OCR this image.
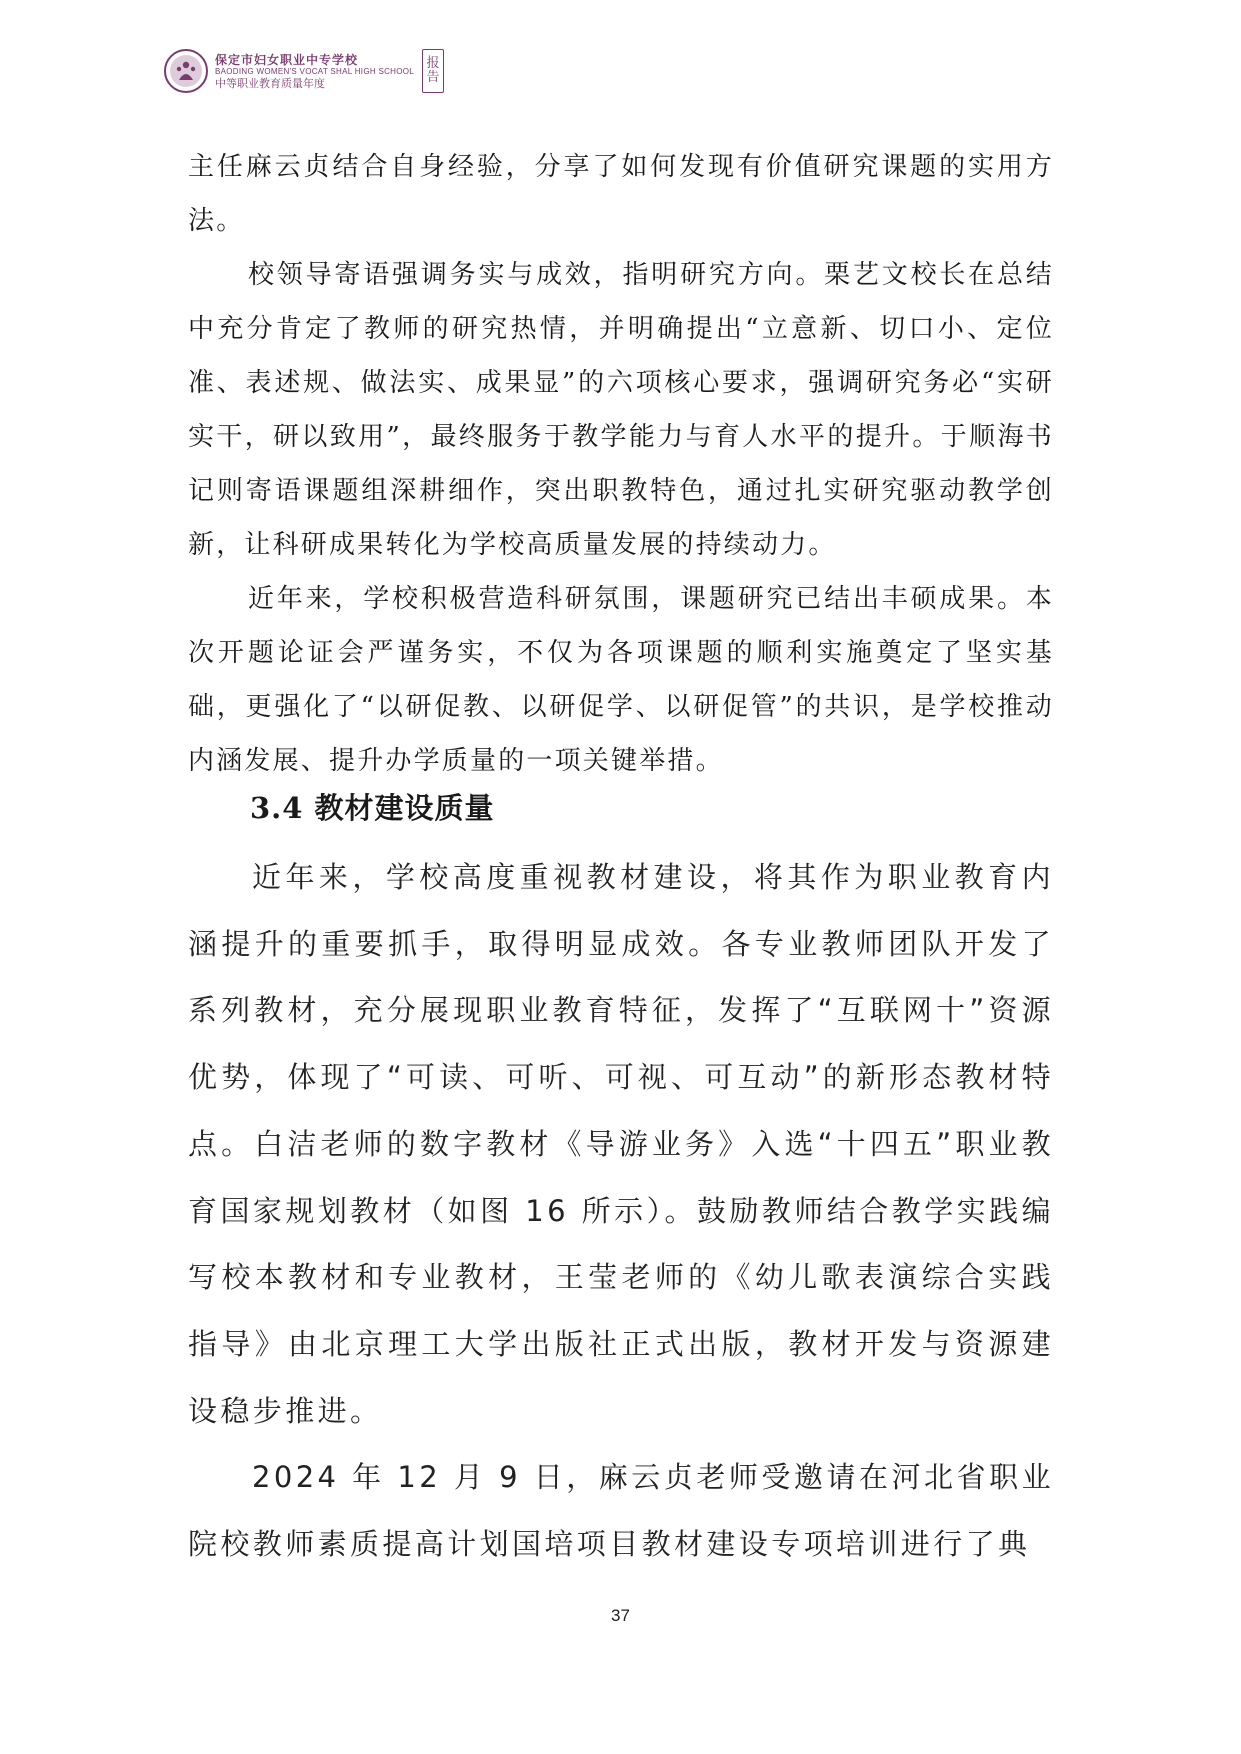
保定市妇女职业中专学校
BAODING WOMEN'S VOCAT SHAL HIGH SCHOOL
中等职业教育质量年度
报
告

主任麻云贞结合自身经验，分享了如何发现有价值研究课题的实用方法。

校领导寄语强调务实与成效，指明研究方向。栗艺文校长在总结中充分肯定了教师的研究热情，并明确提出“立意新、切口小、定位准、表述规、做法实、成果显”的六项核心要求，强调研究务必“实研实干，研以致用”，最终服务于教学能力与育人水平的提升。于顺海书记则寄语课题组深耕细作，突出职教特色，通过扎实研究驱动教学创新，让科研成果转化为学校高质量发展的持续动力。

近年来，学校积极营造科研氛围，课题研究已结出丰硕成果。本次开题论证会严谨务实，不仅为各项课题的顺利实施奠定了坚实基础，更强化了“以研促教、以研促学、以研促管”的共识，是学校推动内涵发展、提升办学质量的一项关键举措。

3.4 教材建设质量

近年来，学校高度重视教材建设，将其作为职业教育内涵提升的重要抓手，取得明显成效。各专业教师团队开发了系列教材，充分展现职业教育特征，发挥了“互联网十”资源优势，体现了“可读、可听、可视、可互动”的新形态教材特点。白洁老师的数字教材《导游业务》入选“十四五”职业教育国家规划教材（如图 16 所示）。鼓励教师结合教学实践编写校本教材和专业教材，王莹老师的《幼儿歌表演综合实践指导》由北京理工大学出版社正式出版，教材开发与资源建设稳步推进。

2024 年 12 月 9 日，麻云贞老师受邀请在河北省职业院校教师素质提高计划国培项目教材建设专项培训进行了典

37
